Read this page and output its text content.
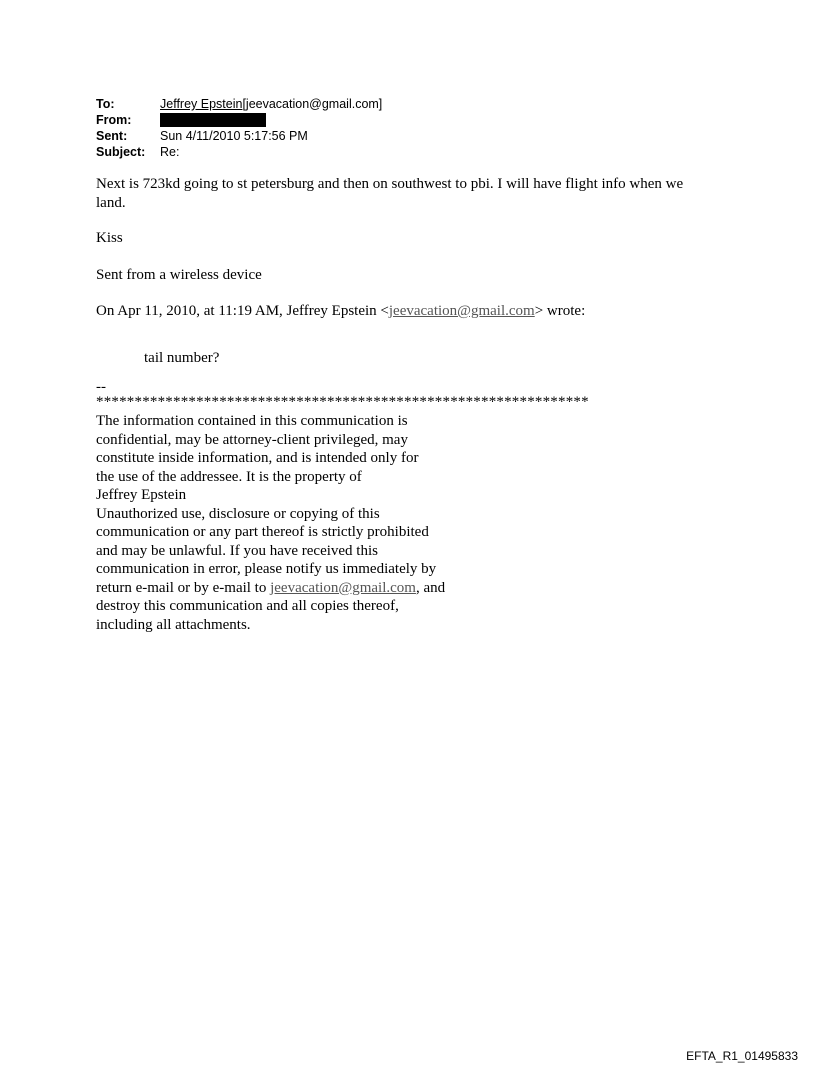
To:	Jeffrey Epstein[jeevacation@gmail.com]
From:
Sent:	Sun 4/11/2010 5:17:56 PM
Subject:	Re:

Next is 723kd going to st petersburg and then on southwest to pbi. I will have flight info when we
land.

Kiss

Sent from a wireless device

On Apr 11, 2010, at 11:19 AM, Jeffrey Epstein <jeevacation@gmail.com> wrote:

tail number?

--

****************************************************************

The information contained in this communication is
confidential, may be attorney-client privileged, may
constitute inside information, and is intended only for
the use of the addressee. It is the property of
Jeffrey Epstein
Unauthorized use, disclosure or copying of this
communication or any part thereof is strictly prohibited
and may be unlawful. If you have received this
communication in error, please notify us immediately by
return e-mail or by e-mail to jeevacation@gmail.com, and
destroy this communication and all copies thereof,
including all attachments.
EFTA_R1_01495833
